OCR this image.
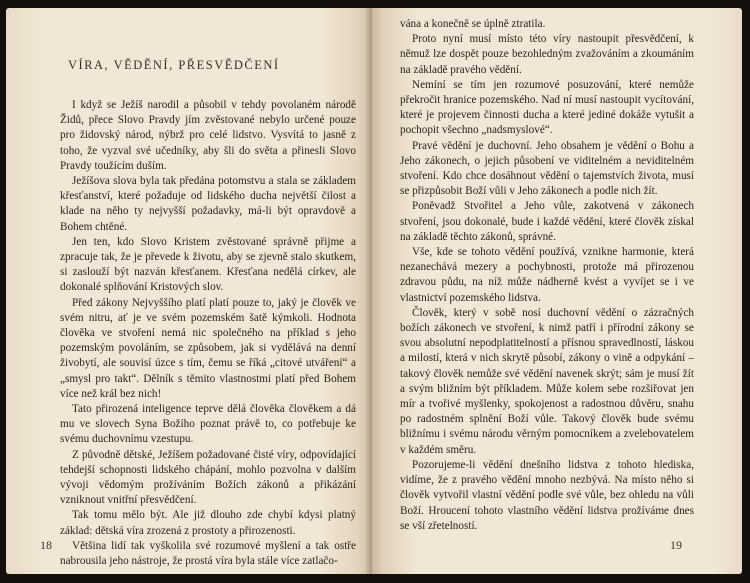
VÍRA, VĚDĚNÍ, PŘESVĚDČENÍ

I když se Ježíš narodil a působil v tehdy povolaném národě Židů, přece Slovo Pravdy jím zvěstované nebylo určené pouze pro židovský národ, nýbrž pro celé lidstvo. Vysvítá to jasně z toho, že vyzval své učedníky, aby šli do světa a přinesli Slovo Pravdy toužícím duším.

Ježíšova slova byla tak předána potomstvu a stala se základem křesťanství, které požaduje od lidského ducha největší čilost a klade na něho ty nejvyšší požadavky, má-li být opravdově a Bohem chtěné.

Jen ten, kdo Slovo Kristem zvěstované správně přijme a zpracuje tak, že je převede k životu, aby se zjevně stalo skutkem, si zaslouží být nazván křesťanem. Křesťana nedělá církev, ale dokonalé splňování Kristových slov.

Před zákony Nejvyššího platí platí pouze to, jaký je člověk ve svém nitru, ať je ve svém pozemském šatě kýmkoli. Hodnota člověka ve stvoření nemá nic společného na příklad s jeho pozemským povoláním, se způsobem, jak si vydělává na denní živobytí, ale souvisí úzce s tím, čemu se říká „citové utváření“ a „smysl pro takt“. Dělník s těmito vlastnostmi platí před Bohem více než král bez nich!

Tato přirozená inteligence teprve dělá člověka člověkem a dá mu ve slovech Syna Božího poznat právě to, co potřebuje ke svému duchovnímu vzestupu.

Z původně dětské, Ježíšem požadované čisté víry, odpovídající tehdejší schopnosti lidského chápání, mohlo pozvolna v dalším vývoji vědomým prožíváním Božích zákonů a přikázání vzniknout vnitřní přesvědčení.

Tak tomu mělo být. Ale již dlouho zde chybí kdysi platný základ: dětská víra zrozená z prostoty a přirozenosti.

Většina lidí tak vyškolila své rozumové myšlení a tak ostře nabrousila jeho nástroje, že prostá víra byla stále více zatlačo-

18

vána a konečně se úplně ztratila.

Proto nyní musí místo této víry nastoupit přesvědčení, k němuž lze dospět pouze bezohledným zvažováním a zkoumáním na základě pravého vědění.

Nemíní se tím jen rozumové posuzování, které nemůže překročit hranice pozemského. Nad ní musí nastoupit vycítování, které je projevem činnosti ducha a které jediné dokáže vytušit a pochopit všechno „nadsmyslové“.

Pravé vědění je duchovní. Jeho obsahem je vědění o Bohu a Jeho zákonech, o jejich působení ve viditelném a neviditelném stvoření. Kdo chce dosáhnout vědění o tajemstvích života, musí se přizpůsobit Boží vůli v Jeho zákonech a podle nich žít.

Poněvadž Stvořitel a Jeho vůle, zakotvená v zákonech stvoření, jsou dokonalé, bude i každé vědění, které člověk získal na základě těchto zákonů, správné.

Vše, kde se tohoto vědění používá, vznikne harmonie, která nezanechává mezery a pochybnosti, protože má přirozenou zdravou půdu, na níž může nádherně kvést a vyvíjet se i ve vlastnictví pozemského lidstva.

Člověk, který v sobě nosí duchovní vědění o zázračných božích zákonech ve stvoření, k nimž patří i přírodní zákony se svou absolutní nepodplatitelností a přísnou spravedlností, láskou a milostí, která v nich skrytě působí, zákony o vině a odpykání – takový člověk nemůže své vědění navenek skrýt; sám je musí žít a svým bližním být příkladem. Může kolem sebe rozšiřovat jen mír a tvořivé myšlenky, spokojenost a radostnou důvěru, snahu po radostném splnění Boží vůle. Takový člověk bude svému bližnímu i svému národu věrným pomocníkem a zvelebovatelem v každém směru.

Pozorujeme-li vědění dnešního lidstva z tohoto hlediska, vidíme, že z pravého vědění mnoho nezbývá. Na místo něho si člověk vytvořil vlastní vědění podle své vůle, bez ohledu na vůli Boží. Hroucení tohoto vlastního vědění lidstva prožíváme dnes se vší zřetelností.

19
